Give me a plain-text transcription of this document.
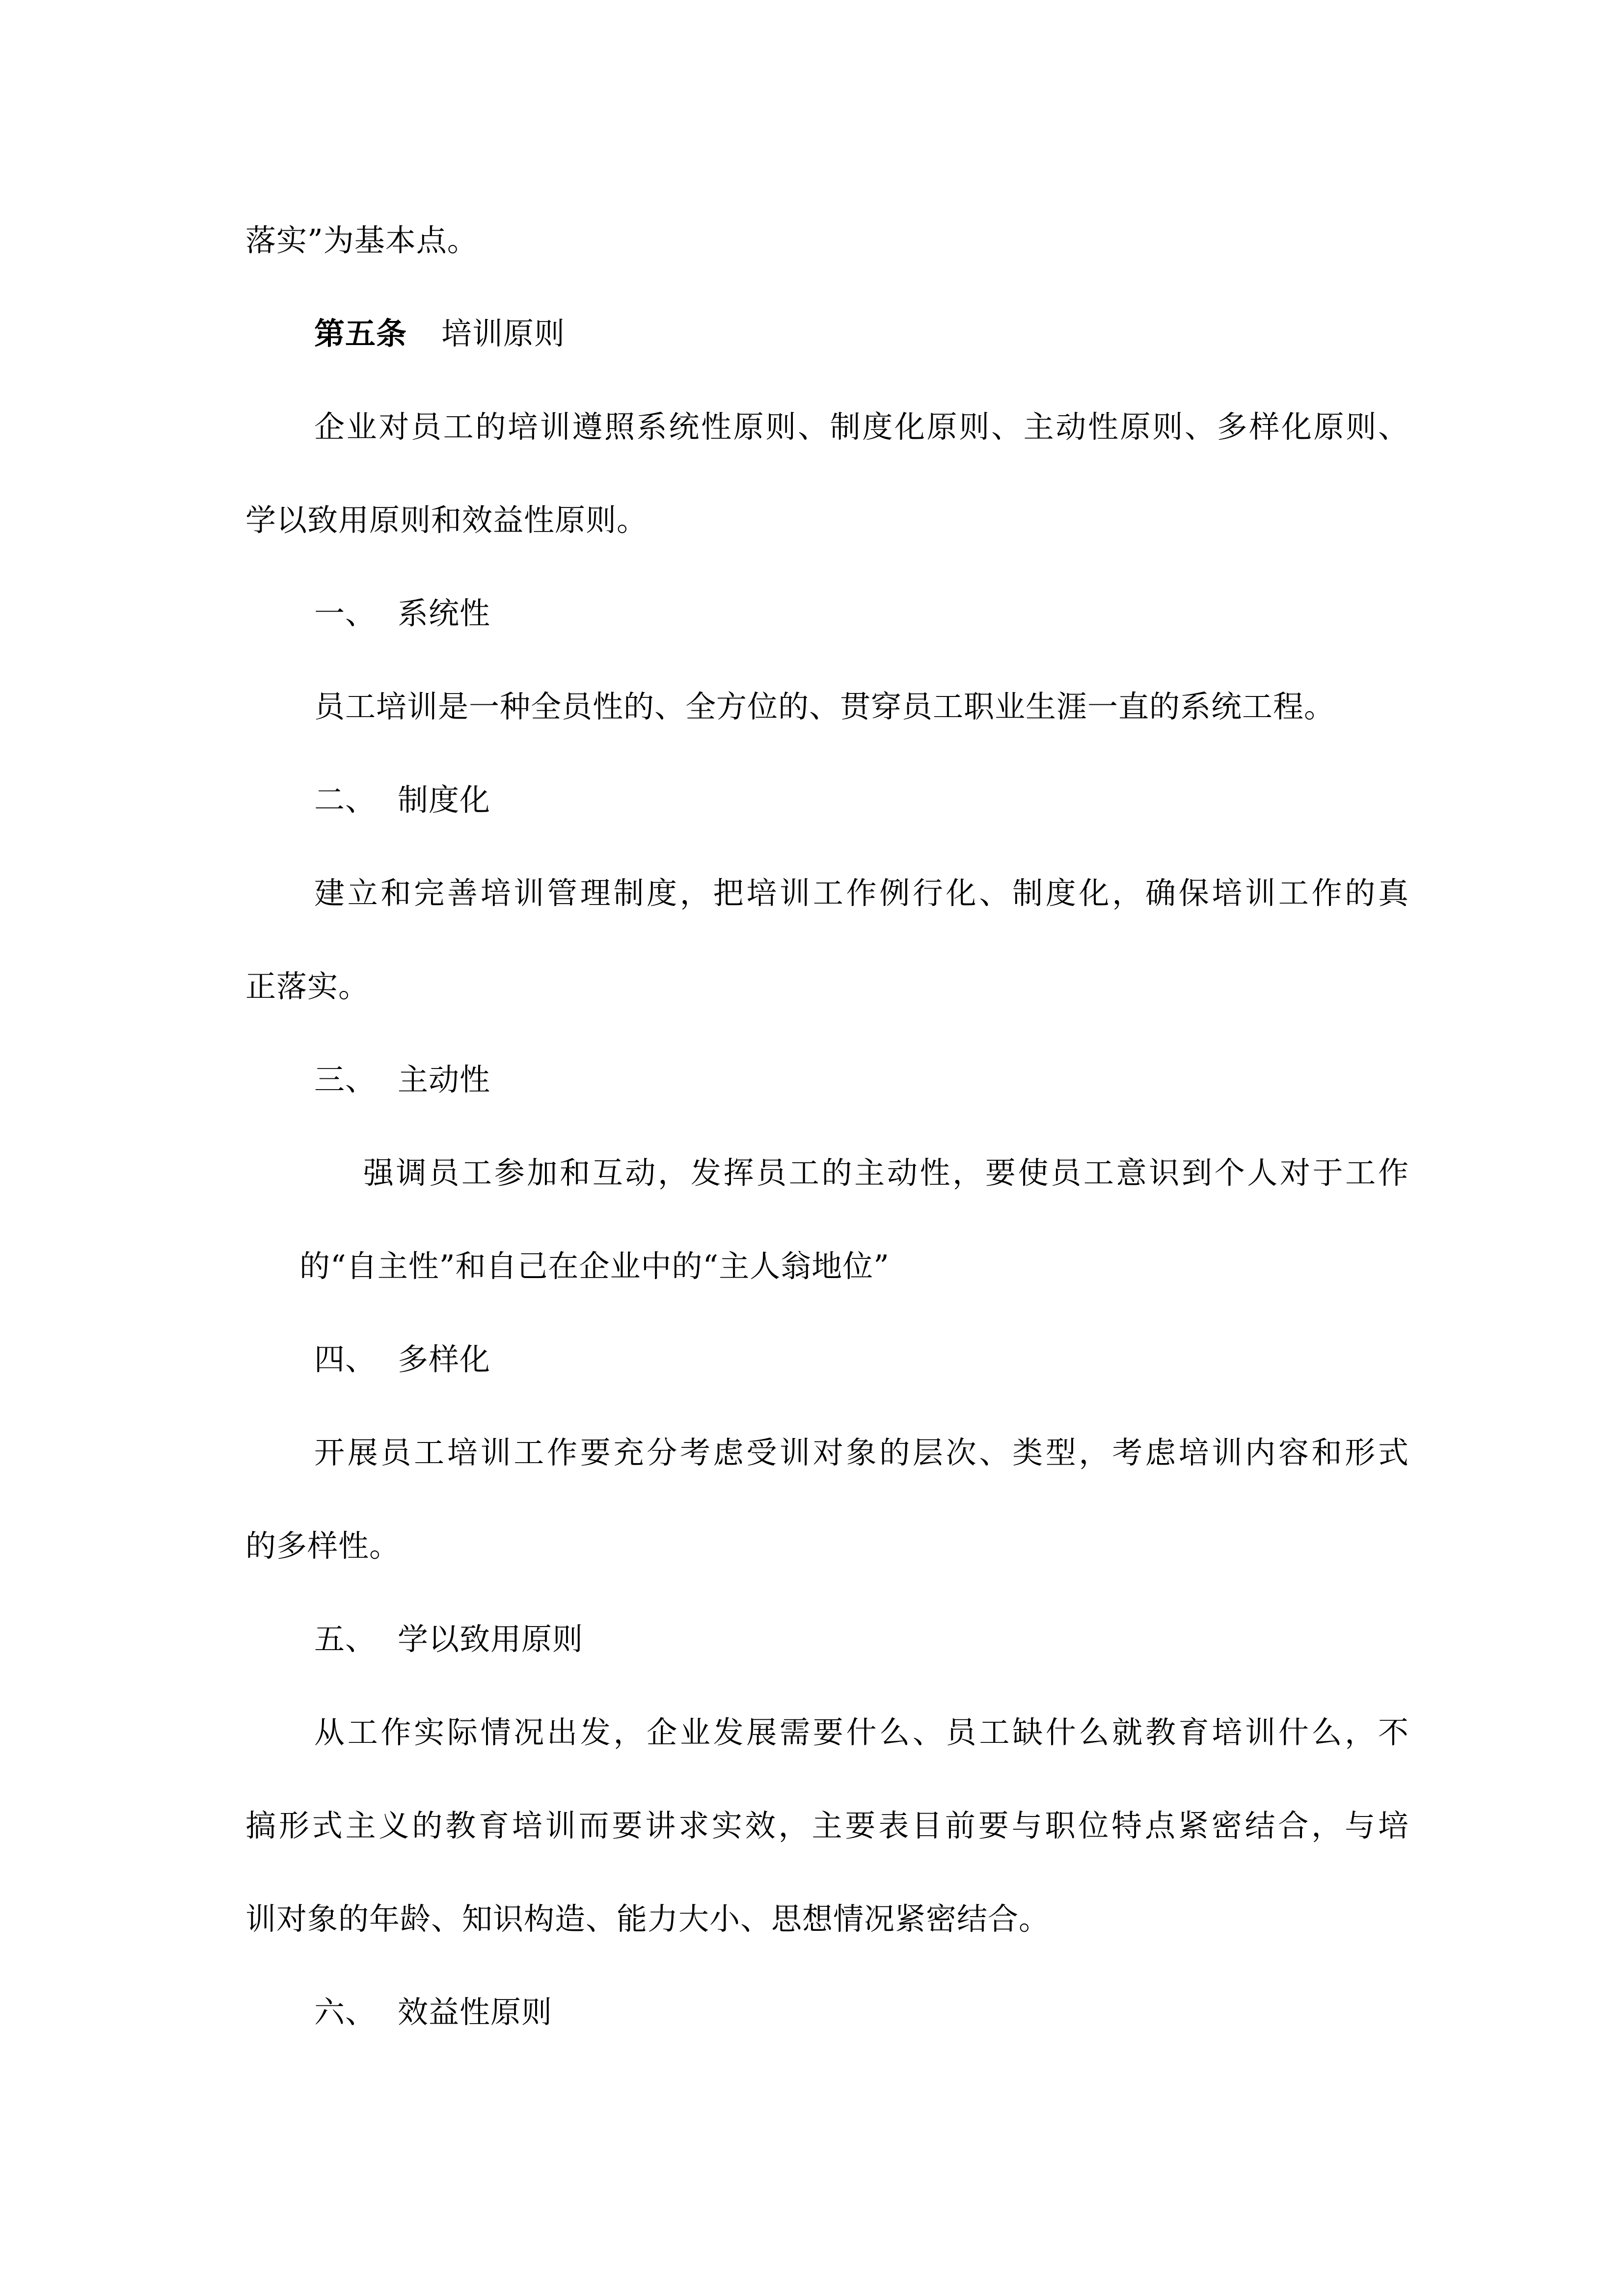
落实”为基本点。
第五条 培训原则
企业对员工的培训遵照系统性原则、制度化原则、主动性原则、多样化原则、
学以致用原则和效益性原则。
一、 系统性
员工培训是一种全员性的、全方位的、贯穿员工职业生涯一直的系统工程。
二、 制度化
建立和完善培训管理制度，把培训工作例行化、制度化，确保培训工作的真
正落实。
三、 主动性
强调员工参加和互动，发挥员工的主动性，要使员工意识到个人对于工作
的“自主性”和自己在企业中的“主人翁地位”
四、 多样化
开展员工培训工作要充分考虑受训对象的层次、类型，考虑培训内容和形式
的多样性。
五、 学以致用原则
从工作实际情况出发，企业发展需要什么、员工缺什么就教育培训什么，不
搞形式主义的教育培训而要讲求实效，主要表目前要与职位特点紧密结合，与培
训对象的年龄、知识构造、能力大小、思想情况紧密结合。
六、 效益性原则
